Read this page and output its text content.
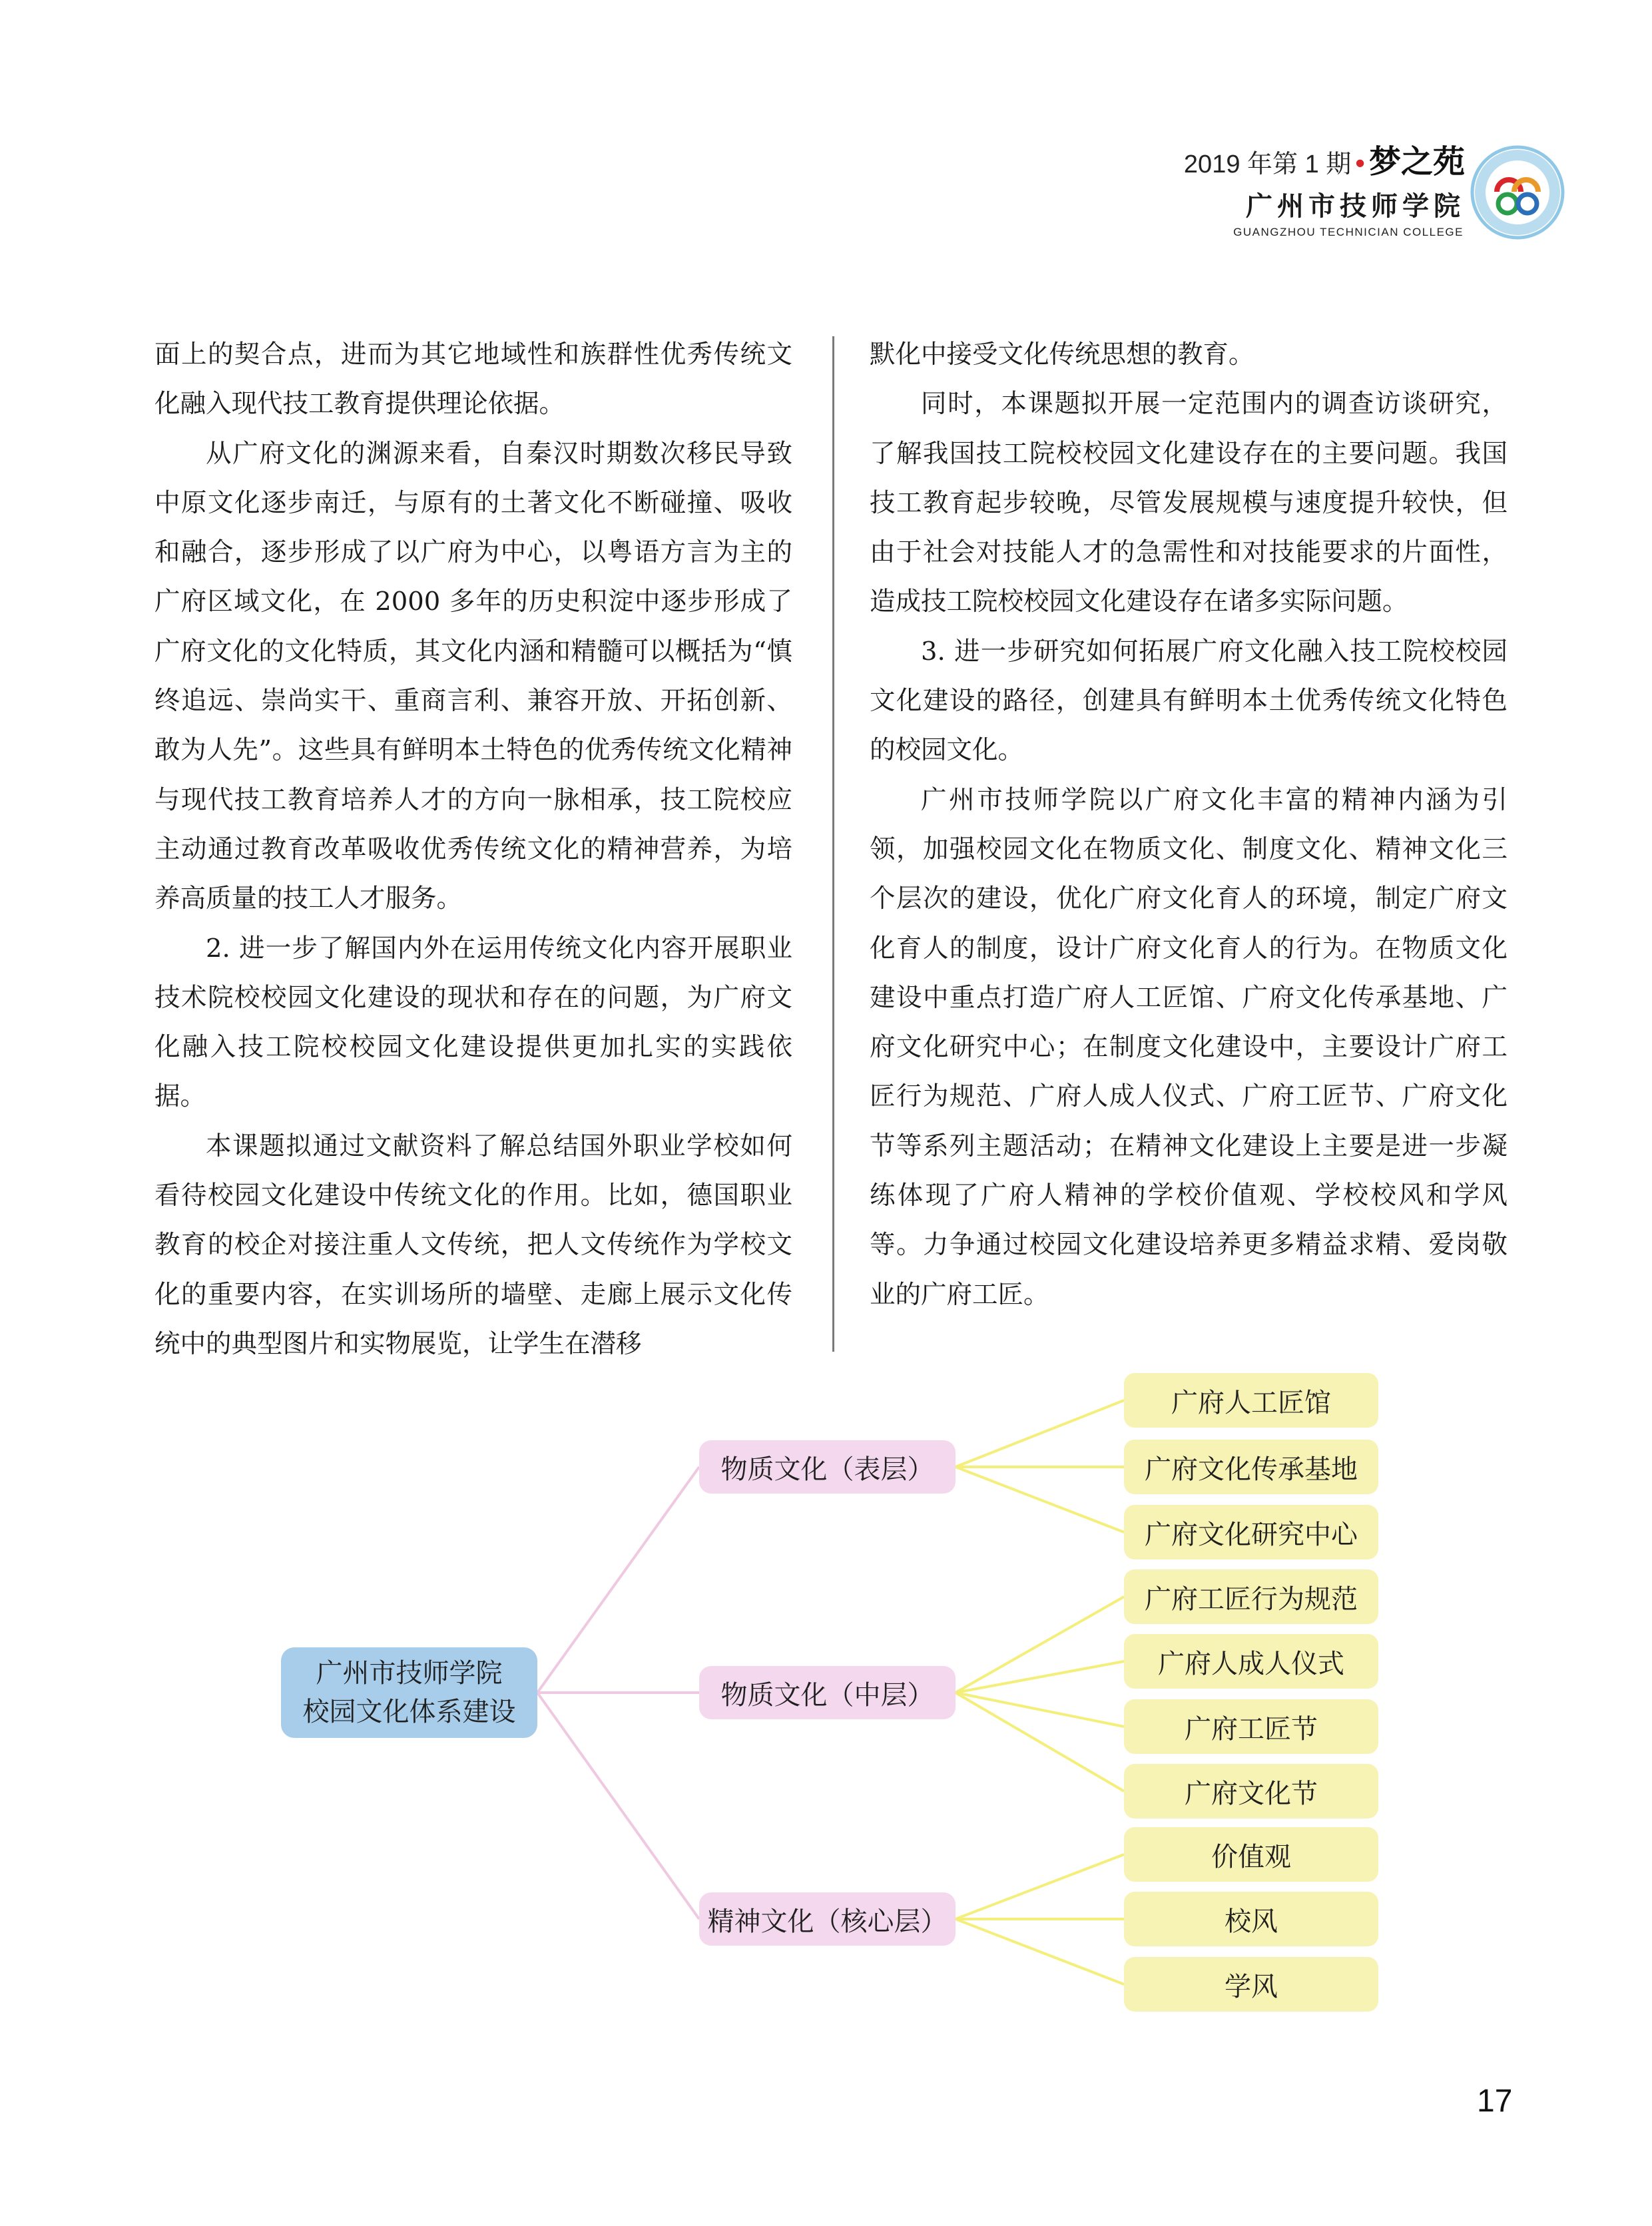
2019 年第 1 期 • 梦之苑
广州市技师学院
GUANGZHOU TECHNICIAN COLLEGE

面上的契合点，进而为其它地域性和族群性优秀传统文化融入现代技工教育提供理论依据。

从广府文化的渊源来看，自秦汉时期数次移民导致中原文化逐步南迁，与原有的土著文化不断碰撞、吸收和融合，逐步形成了以广府为中心，以粤语方言为主的广府区域文化，在 2000 多年的历史积淀中逐步形成了广府文化的文化特质，其文化内涵和精髓可以概括为“慎终追远、崇尚实干、重商言利、兼容开放、开拓创新、敢为人先”。这些具有鲜明本土特色的优秀传统文化精神与现代技工教育培养人才的方向一脉相承，技工院校应主动通过教育改革吸收优秀传统文化的精神营养，为培养高质量的技工人才服务。

2. 进一步了解国内外在运用传统文化内容开展职业技术院校校园文化建设的现状和存在的问题，为广府文化融入技工院校校园文化建设提供更加扎实的实践依据。

本课题拟通过文献资料了解总结国外职业学校如何看待校园文化建设中传统文化的作用。比如，德国职业教育的校企对接注重人文传统，把人文传统作为学校文化的重要内容，在实训场所的墙壁、走廊上展示文化传统中的典型图片和实物展览，让学生在潜移

默化中接受文化传统思想的教育。

同时，本课题拟开展一定范围内的调查访谈研究，了解我国技工院校校园文化建设存在的主要问题。我国技工教育起步较晚，尽管发展规模与速度提升较快，但由于社会对技能人才的急需性和对技能要求的片面性，造成技工院校校园文化建设存在诸多实际问题。

3. 进一步研究如何拓展广府文化融入技工院校校园文化建设的路径，创建具有鲜明本土优秀传统文化特色的校园文化。

广州市技师学院以广府文化丰富的精神内涵为引领，加强校园文化在物质文化、制度文化、精神文化三个层次的建设，优化广府文化育人的环境，制定广府文化育人的制度，设计广府文化育人的行为。在物质文化建设中重点打造广府人工匠馆、广府文化传承基地、广府文化研究中心；在制度文化建设中，主要设计广府工匠行为规范、广府人成人仪式、广府工匠节、广府文化节等系列主题活动；在精神文化建设上主要是进一步凝练体现了广府人精神的学校价值观、学校校风和学风等。力争通过校园文化建设培养更多精益求精、爱岗敬业的广府工匠。

广州市技师学院
校园文化体系建设
物质文化（表层）
物质文化（中层）
精神文化（核心层）
广府人工匠馆
广府文化传承基地
广府文化研究中心
广府工匠行为规范
广府人成人仪式
广府工匠节
广府文化节
价值观
校风
学风
17
